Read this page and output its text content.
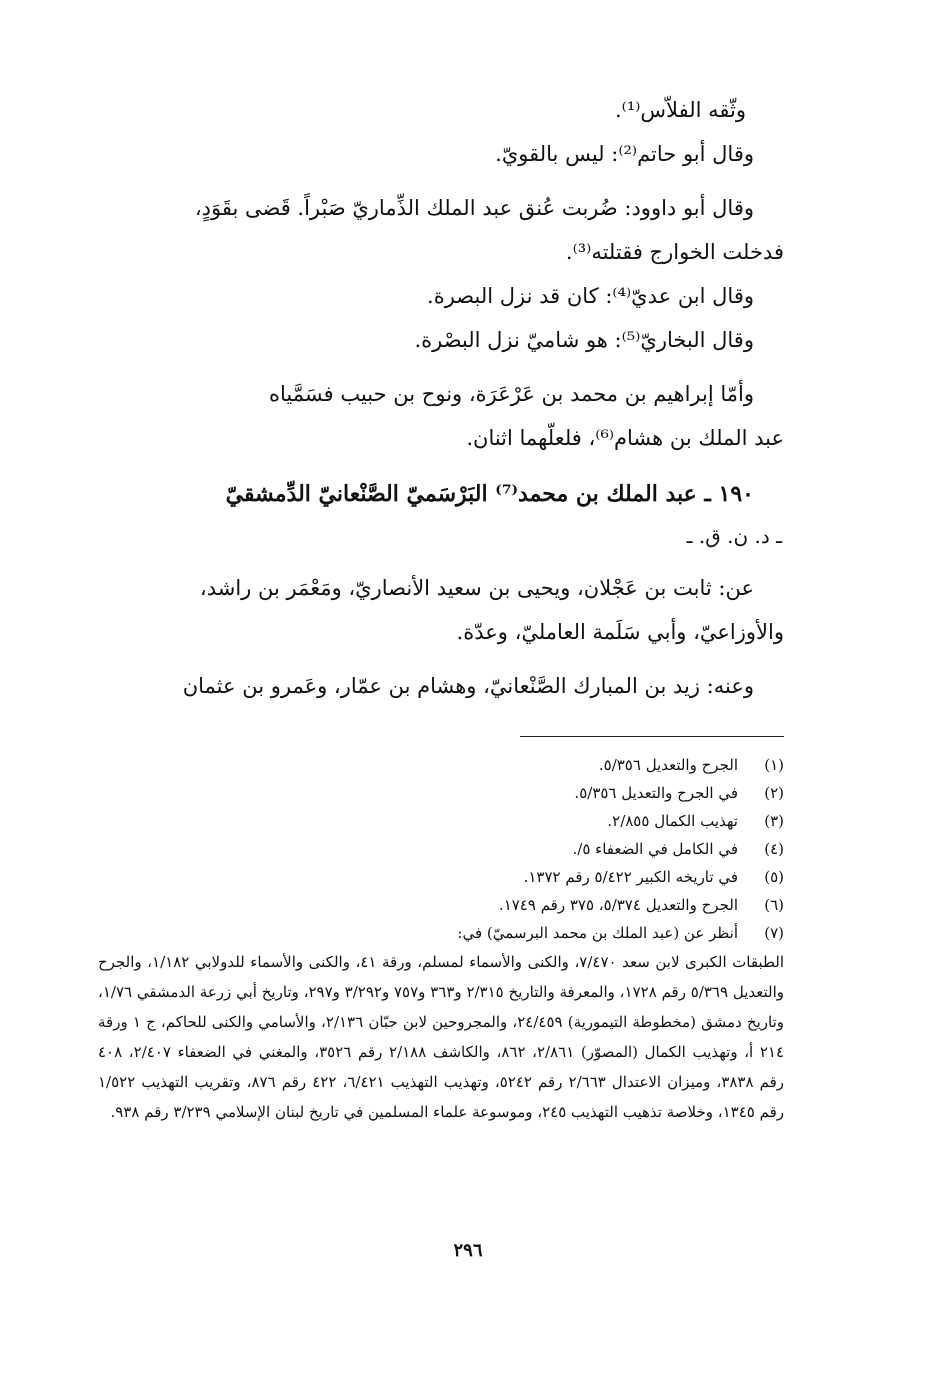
وثّقه الفلاّس⁽¹⁾.

وقال أبو حاتم⁽²⁾: ليس بالقويّ.

وقال أبو داوود: ضُربت عُنق عبد الملك الذِّماريّ صَبْراً. قَضى بقَوَدٍ،

فدخلت الخوارج فقتلته⁽³⁾.

وقال ابن عديّ⁽⁴⁾: كان قد نزل البصرة.

وقال البخاريّ⁽⁵⁾: هو شاميّ نزل البصْرة.

وأمّا إبراهيم بن محمد بن عَرْعَرَة، ونوح بن حبيب فسَمَّياه

عبد الملك بن هشام⁽⁶⁾، فلعلّهما اثنان.

١٩٠ ـ عبد الملك بن محمد⁽⁷⁾ البَرْسَميّ الصَّنْعانيّ الدِّمشقيّ

ـ د. ن. ق. ـ

عن: ثابت بن عَجْلان، ويحيى بن سعيد الأنصاريّ، ومَعْمَر بن راشد،

والأوزاعيّ، وأبي سَلَمة العامليّ، وعدّة.

وعنه: زيد بن المبارك الصَّنْعانيّ، وهشام بن عمّار، وعَمرو بن عثمان

(١)
الجرح والتعديل ٥/٣٥٦.
(٢)
في الجرح والتعديل ٥/٣٥٦.
(٣)
تهذيب الكمال ٢/٨٥٥.
(٤)
في الكامل في الضعفاء ٥/.
(٥)
في تاريخه الكبير ٥/٤٢٢ رقم ١٣٧٢.
(٦)
الجرح والتعديل ٥/٣٧٤، ٣٧٥ رقم ١٧٤٩.
(٧)
أنظر عن (عبد الملك بن محمد البرسميّ) في:

الطبقات الكبرى لابن سعد ٧/٤٧٠، والكنى والأسماء لمسلم، ورقة ٤١، والكنى والأسماء للدولابي ١/١٨٢، والجرح والتعديل ٥/٣٦٩ رقم ١٧٢٨، والمعرفة والتاريخ ٢/٣١٥ و٣٦٣ و٧٥٧ و٣/٢٩٢ و٢٩٧، وتاريخ أبي زرعة الدمشقي ١/٧٦، وتاريخ دمشق (مخطوطة التيمورية) ٢٤/٤٥٩، والمجروحين لابن حبّان ٢/١٣٦، والأسامي والكنى للحاكم، ج ١ ورقة ٢١٤ أ، وتهذيب الكمال (المصوّر) ٢/٨٦١، ٨٦٢، والكاشف ٢/١٨٨ رقم ٣٥٢٦، والمغني في الضعفاء ٢/٤٠٧، ٤٠٨ رقم ٣٨٣٨، وميزان الاعتدال ٢/٦٦٣ رقم ٥٢٤٢، وتهذيب التهذيب ٦/٤٢١، ٤٢٢ رقم ٨٧٦، وتقريب التهذيب ١/٥٢٢ رقم ١٣٤٥، وخلاصة تذهيب التهذيب ٢٤٥، وموسوعة علماء المسلمين في تاريخ لبنان الإسلامي ٣/٢٣٩ رقم ٩٣٨.

٢٩٦
